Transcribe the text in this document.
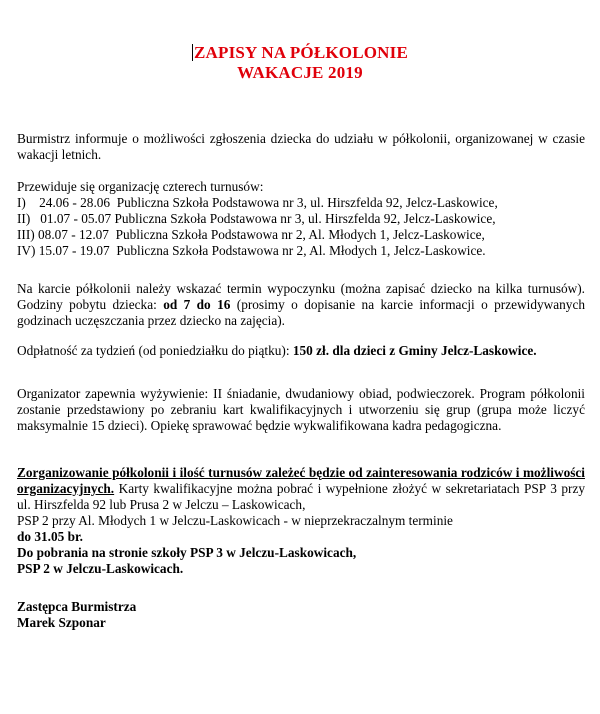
ZAPISY NA PÓŁKOLONIE
WAKACJE 2019

Burmistrz informuje o możliwości zgłoszenia dziecka do udziału w półkolonii, organizowanej w czasie wakacji letnich.

Przewiduje się organizację czterech turnusów:

I)    24.06 - 28.06  Publiczna Szkoła Podstawowa nr 3, ul. Hirszfelda 92, Jelcz-Laskowice,

II)   01.07 - 05.07 Publiczna Szkoła Podstawowa nr 3, ul. Hirszfelda 92, Jelcz-Laskowice,

III) 08.07 - 12.07  Publiczna Szkoła Podstawowa nr 2, Al. Młodych 1, Jelcz-Laskowice,

IV) 15.07 - 19.07  Publiczna Szkoła Podstawowa nr 2, Al. Młodych 1, Jelcz-Laskowice.

Na karcie półkolonii należy wskazać termin wypoczynku (można zapisać dziecko na kilka turnusów). Godziny pobytu dziecka: od 7 do 16 (prosimy o dopisanie na karcie informacji o przewidywanych godzinach uczęszczania przez dziecko na zajęcia).

Odpłatność za tydzień (od poniedziałku do piątku): 150 zł. dla dzieci z Gminy Jelcz-Laskowice.

Organizator zapewnia wyżywienie: II śniadanie, dwudaniowy obiad, podwieczorek. Program półkolonii zostanie przedstawiony po zebraniu kart kwalifikacyjnych i utworzeniu się grup (grupa może liczyć maksymalnie 15 dzieci). Opiekę sprawować będzie wykwalifikowana kadra pedagogiczna.

Zorganizowanie półkolonii i ilość turnusów zależeć będzie od zainteresowania rodziców i możliwości organizacyjnych. Karty kwalifikacyjne można pobrać i wypełnione złożyć w sekretariatach PSP 3 przy ul. Hirszfelda 92 lub Prusa 2 w Jelczu – Laskowicach,

PSP 2 przy Al. Młodych 1 w Jelczu-Laskowicach - w nieprzekraczalnym terminie

do 31.05 br.

Do pobrania na stronie szkoły PSP 3 w Jelczu-Laskowicach,

PSP 2 w Jelczu-Laskowicach.

Zastępca Burmistrza

Marek Szponar
